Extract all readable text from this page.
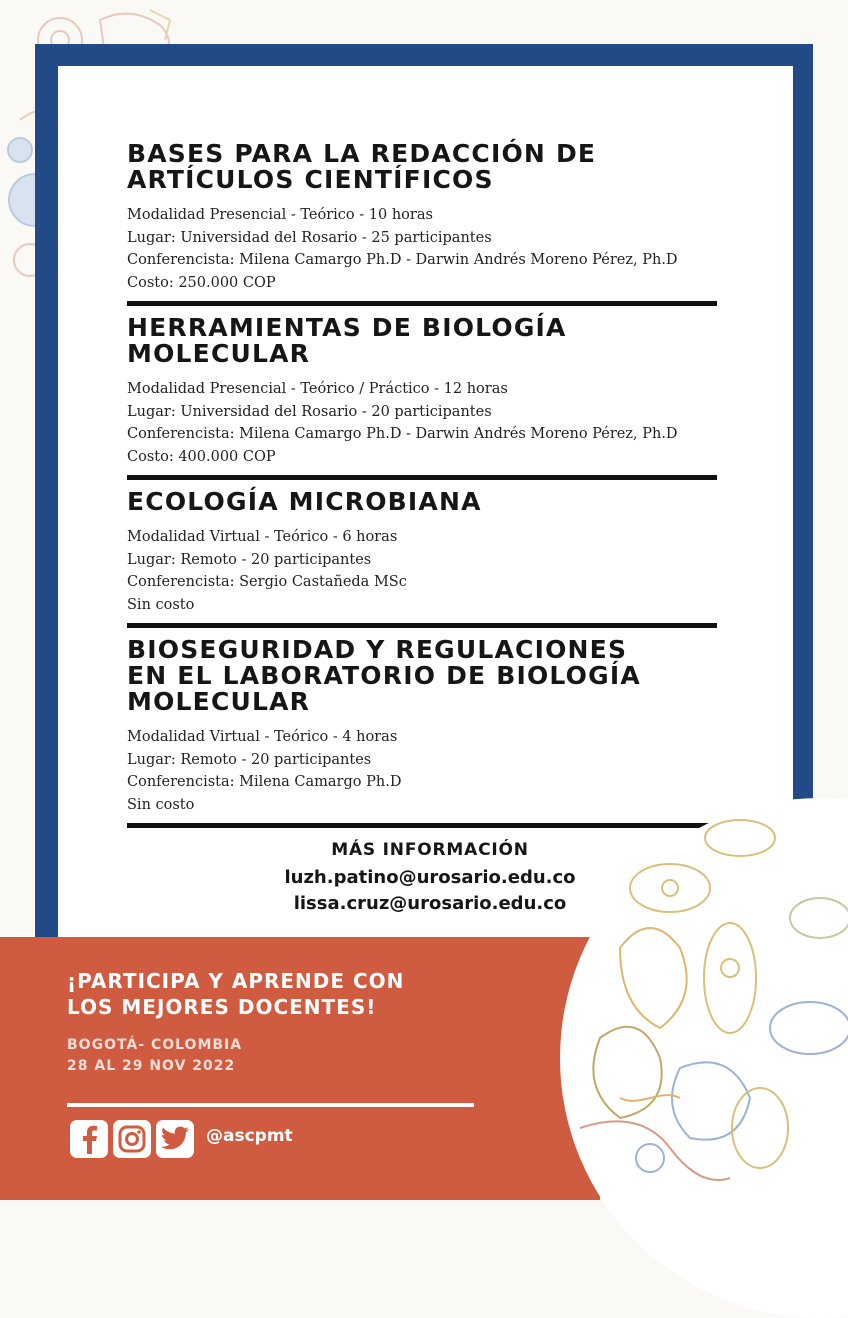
BASES PARA LA REDACCIÓN DE
ARTÍCULOS CIENTÍFICOS
Modalidad Presencial - Teórico - 10 horas
Lugar: Universidad del Rosario - 25 participantes
Conferencista: Milena Camargo Ph.D - Darwin Andrés Moreno Pérez, Ph.D
Costo: 250.000 COP
HERRAMIENTAS DE BIOLOGÍA
MOLECULAR
Modalidad Presencial - Teórico / Práctico - 12 horas
Lugar: Universidad del Rosario - 20 participantes
Conferencista: Milena Camargo Ph.D - Darwin Andrés Moreno Pérez, Ph.D
Costo: 400.000 COP
ECOLOGÍA MICROBIANA
Modalidad Virtual - Teórico - 6 horas
Lugar: Remoto - 20 participantes
Conferencista: Sergio Castañeda MSc
Sin costo
BIOSEGURIDAD Y REGULACIONES
EN EL LABORATORIO DE BIOLOGÍA
MOLECULAR
Modalidad Virtual - Teórico - 4 horas
Lugar: Remoto - 20 participantes
Conferencista: Milena Camargo Ph.D
Sin costo
MÁS INFORMACIÓN
luzh.patino@urosario.edu.co
lissa.cruz@urosario.edu.co
¡PARTICIPA Y APRENDE CON
LOS MEJORES DOCENTES!
BOGOTÁ- COLOMBIA
28 AL 29 NOV 2022
@ascpmt
